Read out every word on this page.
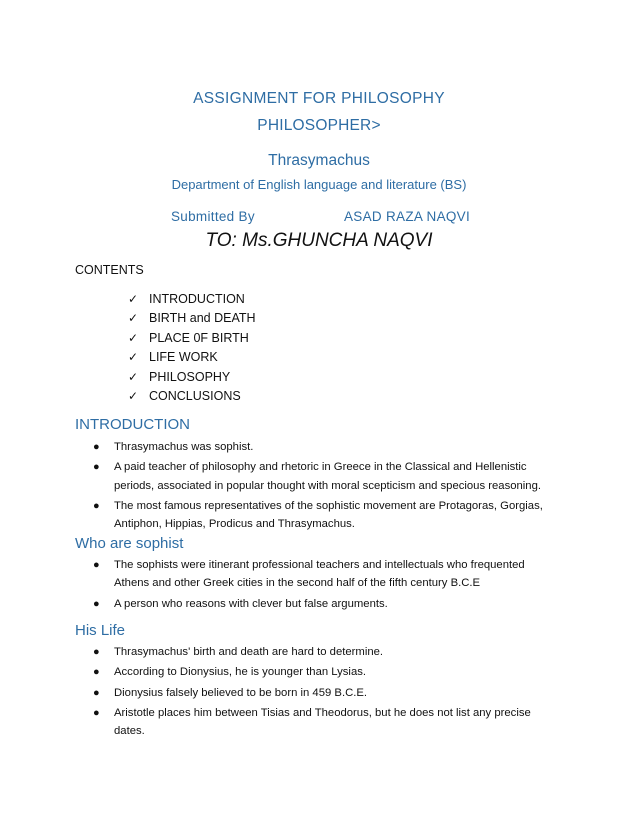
ASSIGNMENT FOR PHILOSOPHY
PHILOSOPHER>
Thrasymachus
Department of English language and literature (BS)
Submitted By	ASAD RAZA NAQVI
TO: Ms.GHUNCHA NAQVI
CONTENTS
✓ INTRODUCTION
✓ BIRTH and DEATH
✓ PLACE 0F BIRTH
✓ LIFE WORK
✓ PHILOSOPHY
✓ CONCLUSIONS
INTRODUCTION
● Thrasymachus was sophist.
● A paid teacher of philosophy and rhetoric in Greece in the Classical and Hellenistic periods, associated in popular thought with moral scepticism and specious reasoning.
● The most famous representatives of the sophistic movement are Protagoras, Gorgias, Antiphon, Hippias, Prodicus and Thrasymachus.
Who are sophist
● The sophists were itinerant professional teachers and intellectuals who frequented Athens and other Greek cities in the second half of the fifth century B.C.E
● A person who reasons with clever but false arguments.
His Life
● Thrasymachus' birth and death are hard to determine.
● According to Dionysius, he is younger than Lysias.
● Dionysius falsely believed to be born in 459 B.C.E.
● Aristotle places him between Tisias and Theodorus, but he does not list any precise dates.
